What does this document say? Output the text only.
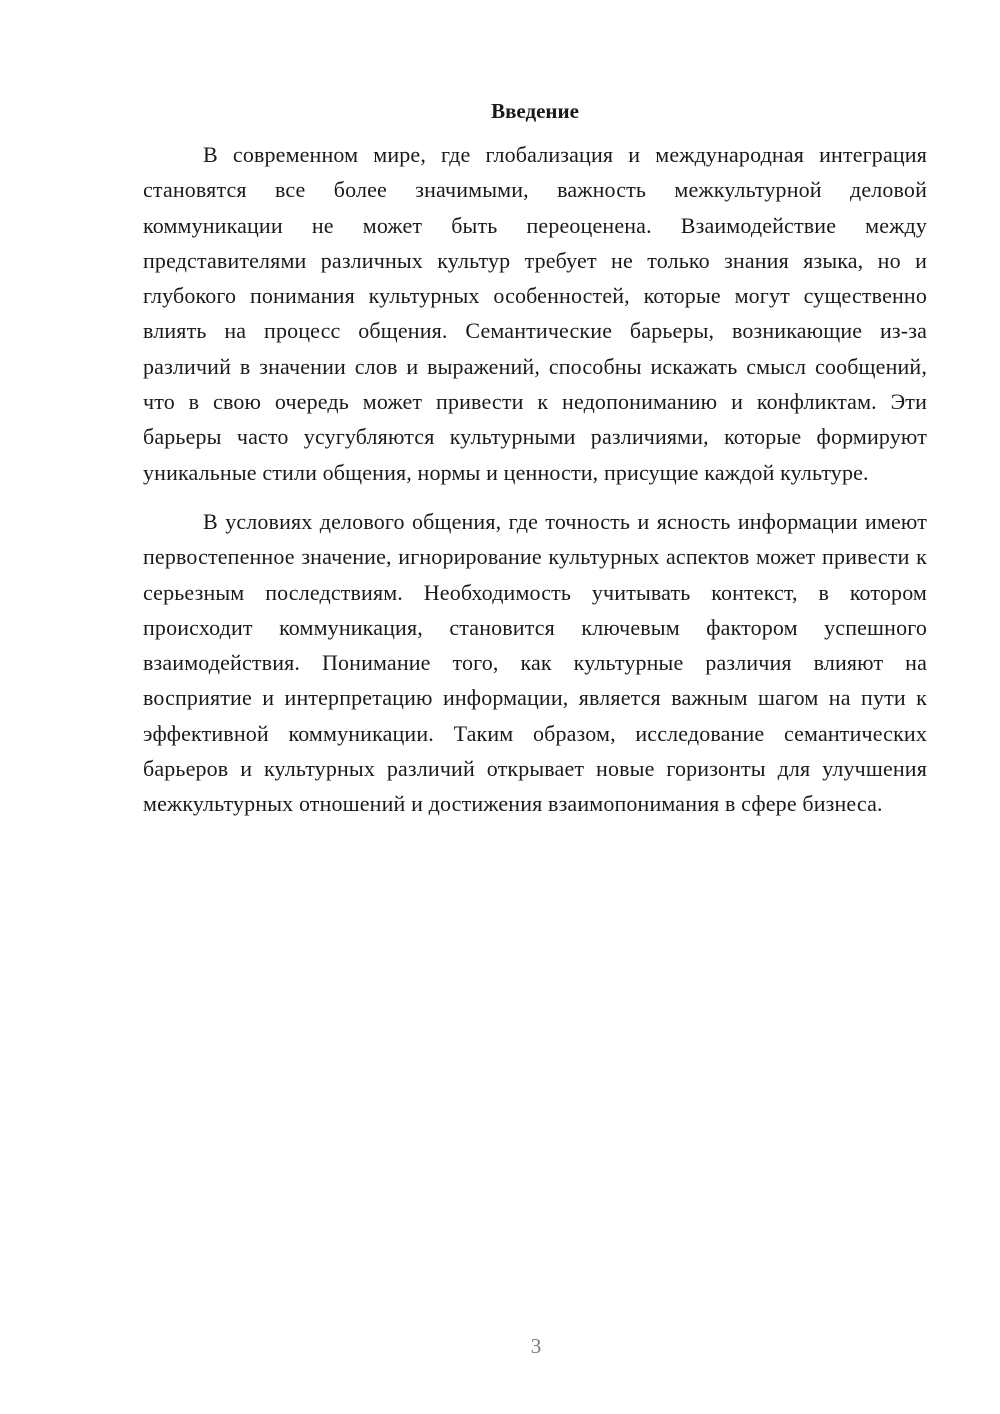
Введение

В современном мире, где глобализация и международная интеграция становятся все более значимыми, важность межкультурной деловой коммуникации не может быть переоценена. Взаимодействие между представителями различных культур требует не только знания языка, но и глубокого понимания культурных особенностей, которые могут существенно влиять на процесс общения. Семантические барьеры, возникающие из-за различий в значении слов и выражений, способны искажать смысл сообщений, что в свою очередь может привести к недопониманию и конфликтам. Эти барьеры часто усугубляются культурными различиями, которые формируют уникальные стили общения, нормы и ценности, присущие каждой культуре.

В условиях делового общения, где точность и ясность информации имеют первостепенное значение, игнорирование культурных аспектов может привести к серьезным последствиям. Необходимость учитывать контекст, в котором происходит коммуникация, становится ключевым фактором успешного взаимодействия. Понимание того, как культурные различия влияют на восприятие и интерпретацию информации, является важным шагом на пути к эффективной коммуникации. Таким образом, исследование семантических барьеров и культурных различий открывает новые горизонты для улучшения межкультурных отношений и достижения взаимопонимания в сфере бизнеса.

3
